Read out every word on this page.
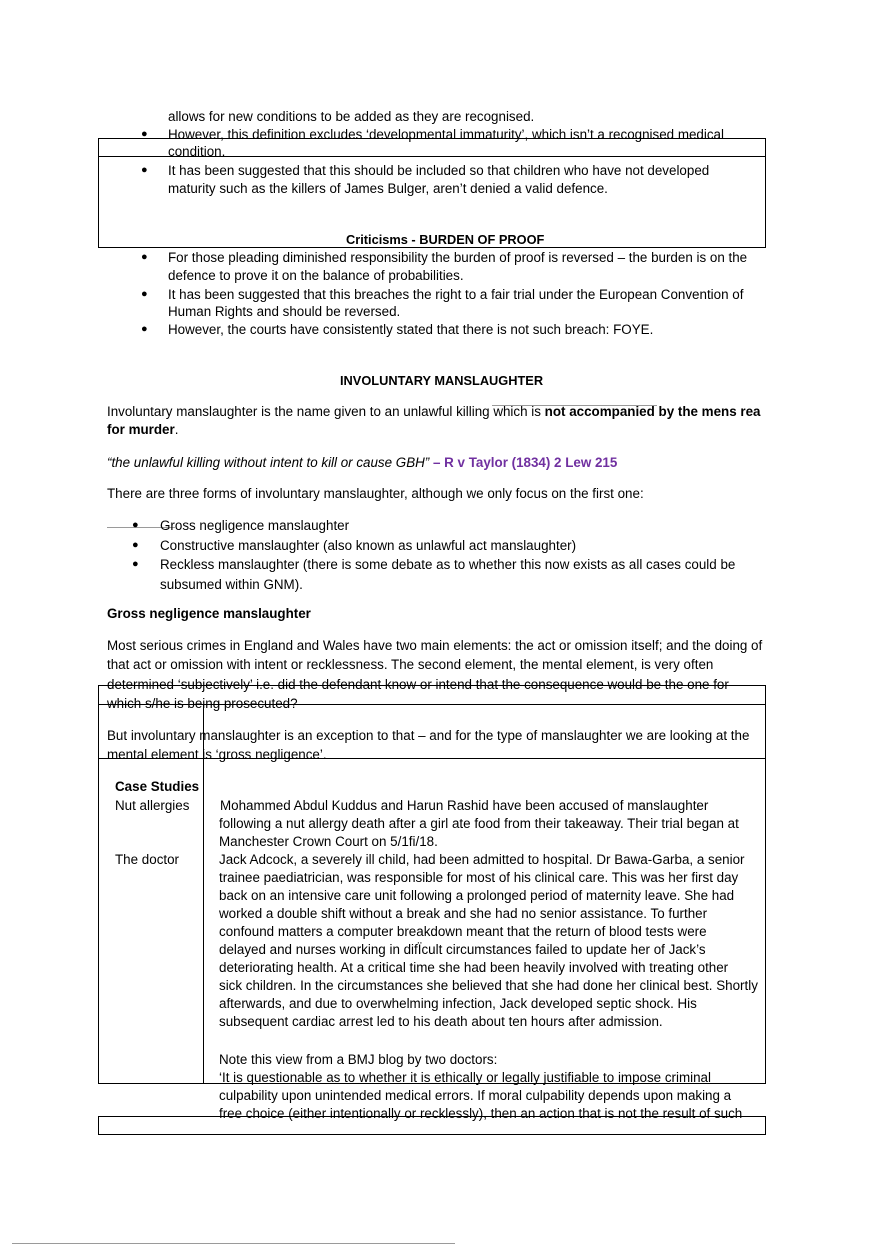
allows for new conditions to be added as they are recognised.
● However, this definition excludes ‘developmental immaturity’, which isn’t a recognised medical
condition.
● It has been suggested that this should be included so that children who have not developed
maturity such as the killers of James Bulger, aren’t denied a valid defence.
Criticisms - BURDEN OF PROOF
● For those pleading diminished responsibility the burden of proof is reversed – the burden is on the
defence to prove it on the balance of probabilities.
● It has been suggested that this breaches the right to a fair trial under the European Convention of
Human Rights and should be reversed.
● However, the courts have consistently stated that there is not such breach: FOYE.
INVOLUNTARY MANSLAUGHTER
Involuntary manslaughter is the name given to an unlawful killing which is not accompanied by the mens rea
for murder.
“the unlawful killing without intent to kill or cause GBH” – R v Taylor (1834) 2 Lew 215
There are three forms of involuntary manslaughter, although we only focus on the first one:
● Gross negligence manslaughter
● Constructive manslaughter (also known as unlawful act manslaughter)
● Reckless manslaughter (there is some debate as to whether this now exists as all cases could be
subsumed within GNM).
Gross negligence manslaughter
Most serious crimes in England and Wales have two main elements: the act or omission itself; and the doing of
that act or omission with intent or recklessness. The second element, the mental element, is very often
determined ‘subjectively’ i.e. did the defendant know or intend that the consequence would be the one for
which s/he is being prosecuted?
But involuntary manslaughter is an exception to that – and for the type of manslaughter we are looking at the
mental element is ‘gross negligence’.
Case Studies
Nut allergies Mohammed Abdul Kuddus and Harun Rashid have been accused of manslaughter
following a nut allergy death after a girl ate food from their takeaway. Their trial began at
Manchester Crown Court on 5/1fi/18.
The doctor	Jack Adcock, a severely ill child, had been admitted to hospital. Dr Bawa-Garba, a senior
trainee paediatrician, was responsible for most of his clinical care. This was her first day
back on an intensive care unit following a prolonged period of maternity leave. She had
worked a double shift without a break and she had no senior assistance. To further
confound matters a computer breakdown meant that the return of blood tests were
delayed and nurses working in difÏcult circumstances failed to update her of Jack’s
deteriorating health. At a critical time she had been heavily involved with treating other
sick children. In the circumstances she believed that she had done her clinical best. Shortly
afterwards, and due to overwhelming infection, Jack developed septic shock. His
subsequent cardiac arrest led to his death about ten hours after admission.
Note this view from a BMJ blog by two doctors:
‘It is questionable as to whether it is ethically or legally justifiable to impose criminal
culpability upon unintended medical errors. If moral culpability depends upon making a
free choice (either intentionally or recklessly), then an action that is not the result of such
